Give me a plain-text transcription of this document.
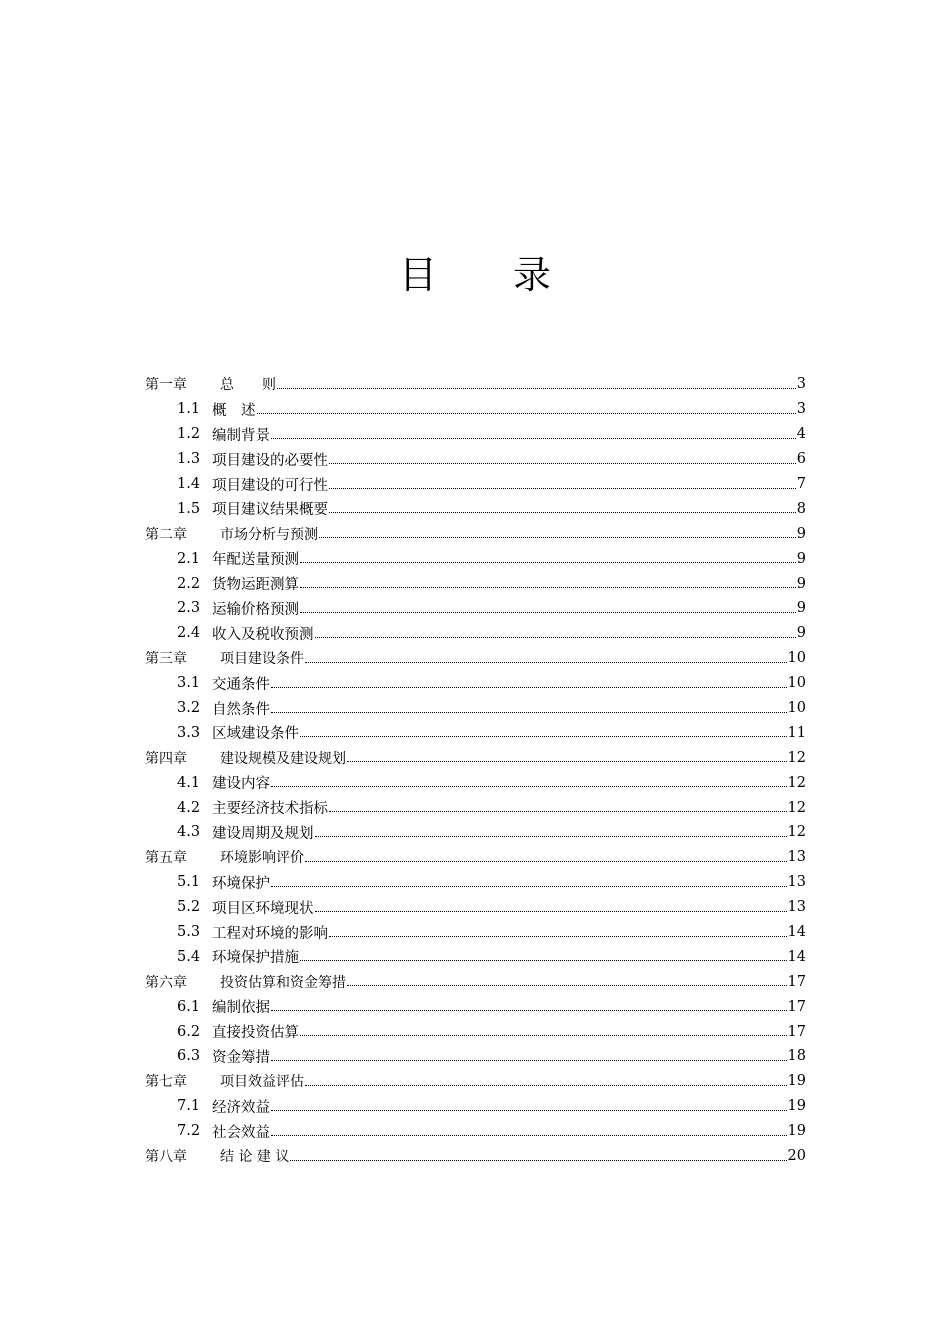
目　　录
第一章	总　　则	3
1.1 概　述	3
1.2 编制背景	4
1.3 项目建设的必要性	6
1.4 项目建设的可行性	7
1.5 项目建议结果概要	8
第二章	市场分析与预测	9
2.1 年配送量预测	9
2.2 货物运距测算	9
2.3 运输价格预测	9
2.4 收入及税收预测	9
第三章	项目建设条件	10
3.1 交通条件	10
3.2 自然条件	10
3.3 区域建设条件	11
第四章	建设规模及建设规划	12
4.1 建设内容	12
4.2 主要经济技术指标	12
4.3 建设周期及规划	12
第五章	环境影响评价	13
5.1 环境保护	13
5.2 项目区环境现状	13
5.3 工程对环境的影响	14
5.4 环境保护措施	14
第六章	投资估算和资金筹措	17
6.1 编制依据	17
6.2 直接投资估算	17
6.3 资金筹措	18
第七章	项目效益评估	19
7.1 经济效益	19
7.2 社会效益	19
第八章	结 论 建 议	20
